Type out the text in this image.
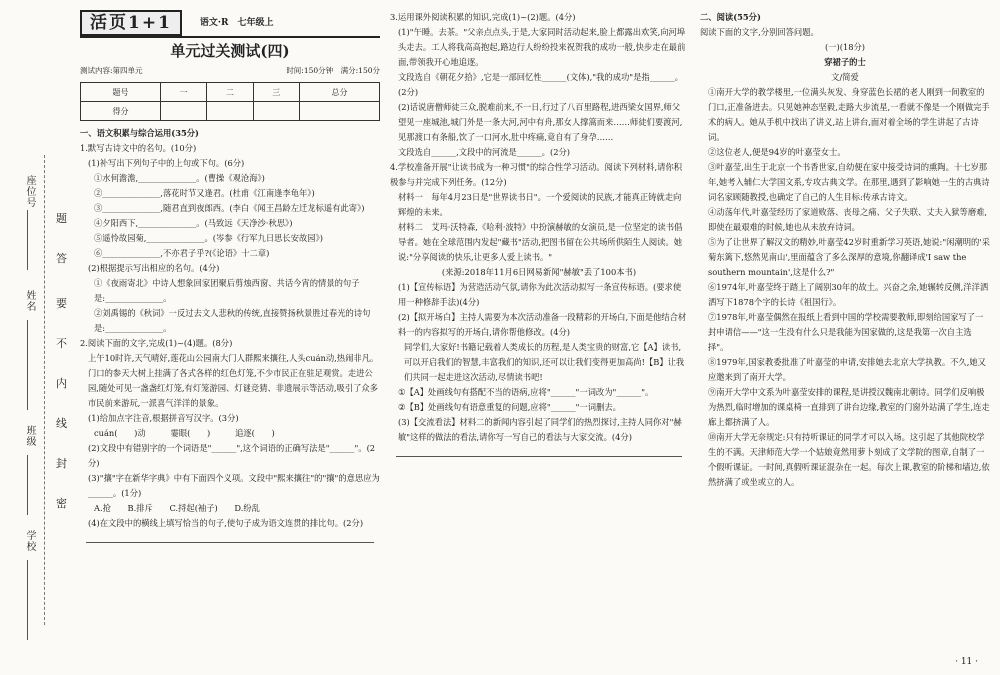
座位号
姓名
班级
学校
题
答
要
不
内
线
封
密
活页1+1	语文·R　七年级上
单元过关测试(四)
测试内容:第四单元	时间:150分钟　满分:150分
题号	一	二	三	总分
得分				

一、语文积累与综合运用(35分)

1.默写古诗文中的名句。(10分)

(1)补写出下列句子中的上句或下句。(6分)

①水何澹澹,______________。(曹操《观沧海》)

②______________,落花时节又逢君。(杜甫《江南逢李龟年》)

③______________,随君直到夜郎西。(李白《闻王昌龄左迁龙标遥有此寄》)

④夕阳西下,______________。(马致远《天净沙·秋思》)

⑤遥怜故园菊,______________。(岑参《行军九日思长安故园》)

⑥______________,不亦君子乎?(《论语》十二章)

(2)根据提示写出相应的名句。(4分)

①《夜雨寄北》中诗人想象回家团聚后剪烛西窗、共话今宵的情景的句子是:______________。

②刘禹锡的《秋词》一反过去文人悲秋的传统,直接赞扬秋景胜过春光的诗句是:______________。

2.阅读下面的文字,完成(1)~(4)题。(8分)

上午10时许,天气晴好,莲花山公园南大门人群熙来攘往,人头cuán动,热闹非凡。门口的参天大树上挂满了各式各样的红色灯笼,不少市民正在驻足观赏。走进公园,随处可见一盏盏红灯笼,有灯笼游园、灯谜竞猜、非遗展示等活动,吸引了众多市民前来游玩,一派喜气洋洋的景象。

(1)给加点字注音,根据拼音写汉字。(3分)

cuán(　　)动　　　霎眼(　　)　　　追逐(　　)

(2)文段中有错别字的一个词语是"______",这个词语的正确写法是"______"。(2分)

(3)"攘"字在新华字典》中有下面四个义项。文段中"熙来攘往"的"攘"的意思应为______。(1分)

A.抢　　B.排斥　　C.捋起(袖子)　　D.纷乱

(4)在文段中的横线上填写恰当的句子,使句子成为语文连贯的排比句。(2分)

3.运用课外阅读积累的知识,完成(1)~(2)题。(4分)

(1)"午睡。去茶。"父亲点点头,于是,大家同时活动起来,脸上都露出欢笑,向河埠头走去。工人将我高高抱起,路边行人纷纷投来祝贺我的成功一般,快步走在最前面,带领我开心地追逐。

文段选自《朝花夕拾》,它是一部回忆性______(文体),"我的成功"是指______。(2分)

(2)话说唐僧师徒三众,脱难前来,不一日,行过了八百里路程,进西梁女国界,师父望见一座城池,城门外是一条大河,河中有舟,那女人撑篙而来……师徒们要渡河,见那渡口有条船,饮了一口河水,肚中疼痛,竟自有了身孕……

文段选自______,文段中的河流是______。(2分)

4.学校准备开展"让读书成为一种习惯"的综合性学习活动。阅读下列材料,请你积极参与并完成下列任务。(12分)

材料一　每年4月23日是"世界读书日"。一个爱阅读的民族,才能真正铸就走向辉煌的未来。

材料二　艾玛·沃特森,《哈利·波特》中扮演赫敏的女演员,是一位坚定的读书倡导者。她在全球范围内发起"藏书"活动,把图书留在公共场所供陌生人阅读。她说:"分享阅读的快乐,让更多人爱上读书。"

(来源:2018年11月6日网易新闻"赫敏"丢了100本书)

(1)【宣传标语】为营造活动气氛,请你为此次活动拟写一条宣传标语。(要求使用一种修辞手法)(4分)

(2)【拟开场白】主持人需要为本次活动准备一段精彩的开场白,下面是他结合材料一的内容拟写的开场白,请你帮他修改。(4分)

同学们,大家好!书籍记载着人类成长的历程,是人类宝贵的财富,它【A】读书,可以开启我们的智慧,丰富我们的知识,还可以让我们变得更加高尚!【B】让我们共同一起走进这次活动,尽情读书吧!

①【A】处画线句有搭配不当的语病,应将"______"一词改为"______"。

②【B】处画线句有语意重复的问题,应将"______"一词删去。

(3)【交流看法】材料二的新闻内容引起了同学们的热烈探讨,主持人同你对"赫敏"这样的做法的看法,请你写一写自己的看法与大家交流。(4分)

二、阅读(55分)

阅读下面的文字,分别回答问题。

(一)(18分)

穿裙子的士

文/简爱

①南开大学的教学楼里,一位满头灰发、身穿蓝色长裙的老人刚到一间教室的门口,正准备进去。只见她神态坚毅,走路大步流星,一看就不像是一个刚做完手术的病人。她从手机中找出了讲义,站上讲台,面对着全场的学生讲起了古诗词。

②这位老人,便是94岁的叶嘉莹女士。

③叶嘉莹,出生于北京一个书香世家,自幼便在家中接受诗词的熏陶。十七岁那年,她考入辅仁大学国文系,专攻古典文学。在那里,遇到了影响她一生的古典诗词名家顾随教授,也确定了自己的人生目标:传承古诗文。

④动荡年代,叶嘉莹经历了家道败落、丧母之痛、父子失联、丈夫入狱等磨难,即使在最艰难的时候,她也从未放弃诗词。

⑤为了让世界了解汉文的精妙,叶嘉莹42岁时重新学习英语,她说:"闲潮明的'采菊东篱下,悠然见南山',里面蕴含了多么深厚的意境,你翻译成'I saw the southern mountain',这是什么?"

⑥1974年,叶嘉莹终于踏上了阔别30年的故土。兴奋之余,她辗转反侧,洋洋洒洒写下1878个字的长诗《祖国行》。

⑦1978年,叶嘉莹偶然在报纸上看到中国的学校需要教师,即刻给国家写了一封申请信——"这一生没有什么只是我能为国家做的,这是我第一次自主选择"。

⑧1979年,国家教委批准了叶嘉莹的申请,安排她去北京大学执教。不久,她又应邀来到了南开大学。

⑨南开大学中文系为叶嘉莹安排的课程,是讲授汉魏南北朝诗。同学们反响极为热烈,临时增加的课桌椅一直排到了讲台边缘,教室的门窗外站满了学生,连走廊上都挤满了人。

⑩南开大学无奈规定:只有持听课证的同学才可以入场。这引起了其他院校学生的不满。天津师范大学一个姑娘竟然用萝卜刻成了文学院的图章,自制了一个假听课证。一时间,真假听课证混杂在一起。每次上课,教室的阶梯和墙边,依然挤满了或坐或立的人。

· 11 ·
